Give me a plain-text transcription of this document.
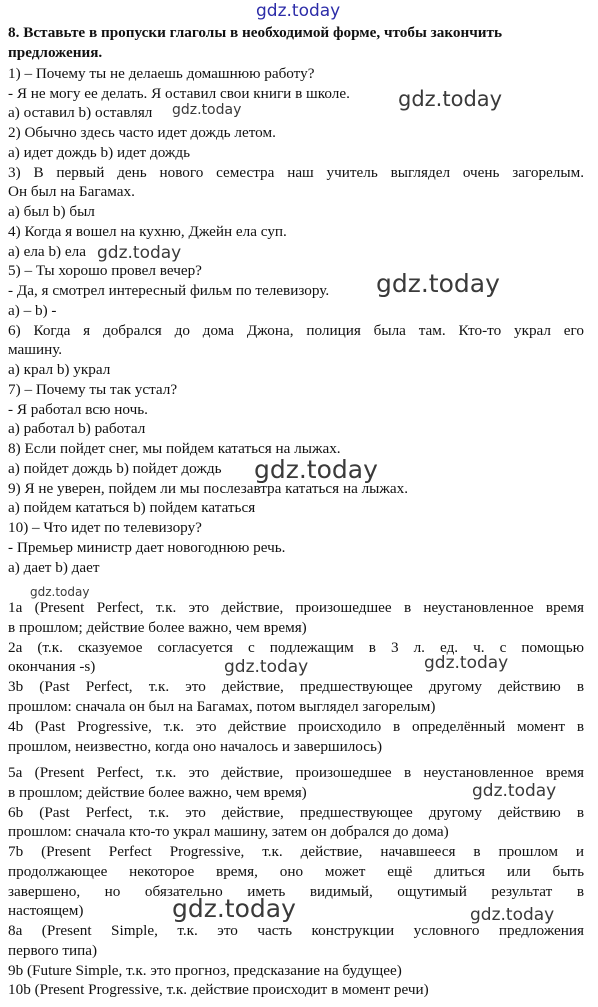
gdz.today
8. Вставьте в пропуски глаголы в необходимой форме, чтобы закончить
предложения.
1) – Почему ты не делаешь домашнюю работу?
- Я не могу ее делать. Я оставил свои книги в школе.
a) оставил b) оставлял
2) Обычно здесь часто идет дождь летом.
a) идет дождь b) идет дождь
3) В первый день нового семестра наш учитель выглядел очень загорелым.
Он был на Багамах.
a) был b) был
4) Когда я вошел на кухню, Джейн ела суп.
a) ела b) ела
5) – Ты хорошо провел вечер?
- Да, я смотрел интересный фильм по телевизору.
a) – b) -
6) Когда я добрался до дома Джона, полиция была там. Кто-то украл его
машину.
a) крал b) украл
7) – Почему ты так устал?
- Я работал всю ночь.
a) работал b) работал
8) Если пойдет снег, мы пойдем кататься на лыжах.
a) пойдет дождь b) пойдет дождь
9) Я не уверен, пойдем ли мы послезавтра кататься на лыжах.
a) пойдем кататься b) пойдем кататься
10) – Что идет по телевизору?
- Премьер министр дает новогоднюю речь.
a) дает b) дает
1a (Present Perfect, т.к. это действие, произошедшее в неустановленное время
в прошлом; действие более важно, чем время)
2a (т.к. сказуемое согласуется с подлежащим в 3 л. ед. ч. с помощью
окончания -s)
3b (Past Perfect, т.к. это действие, предшествующее другому действию в
прошлом: сначала он был на Багамах, потом выглядел загорелым)
4b (Past Progressive, т.к. это действие происходило в определённый момент в
прошлом, неизвестно, когда оно началось и завершилось)
5a (Present Perfect, т.к. это действие, произошедшее в неустановленное время
в прошлом; действие более важно, чем время)
6b (Past Perfect, т.к. это действие, предшествующее другому действию в
прошлом: сначала кто-то украл машину, затем он добрался до дома)
7b (Present Perfect Progressive, т.к. действие, начавшееся в прошлом и
продолжающее некоторое время, оно может ещё длиться или быть
завершено, но обязательно иметь видимый, ощутимый результат в
настоящем)
8a (Present Simple, т.к. это часть конструкции условного предложения
первого типа)
9b (Future Simple, т.к. это прогноз, предсказание на будущее)
10b (Present Progressive, т.к. действие происходит в момент речи)
gdz.today
gdz.today
gdz.today
gdz.today
gdz.today
gdz.today
gdz.today	gdz.today
gdz.today
gdz.today	gdz.today
